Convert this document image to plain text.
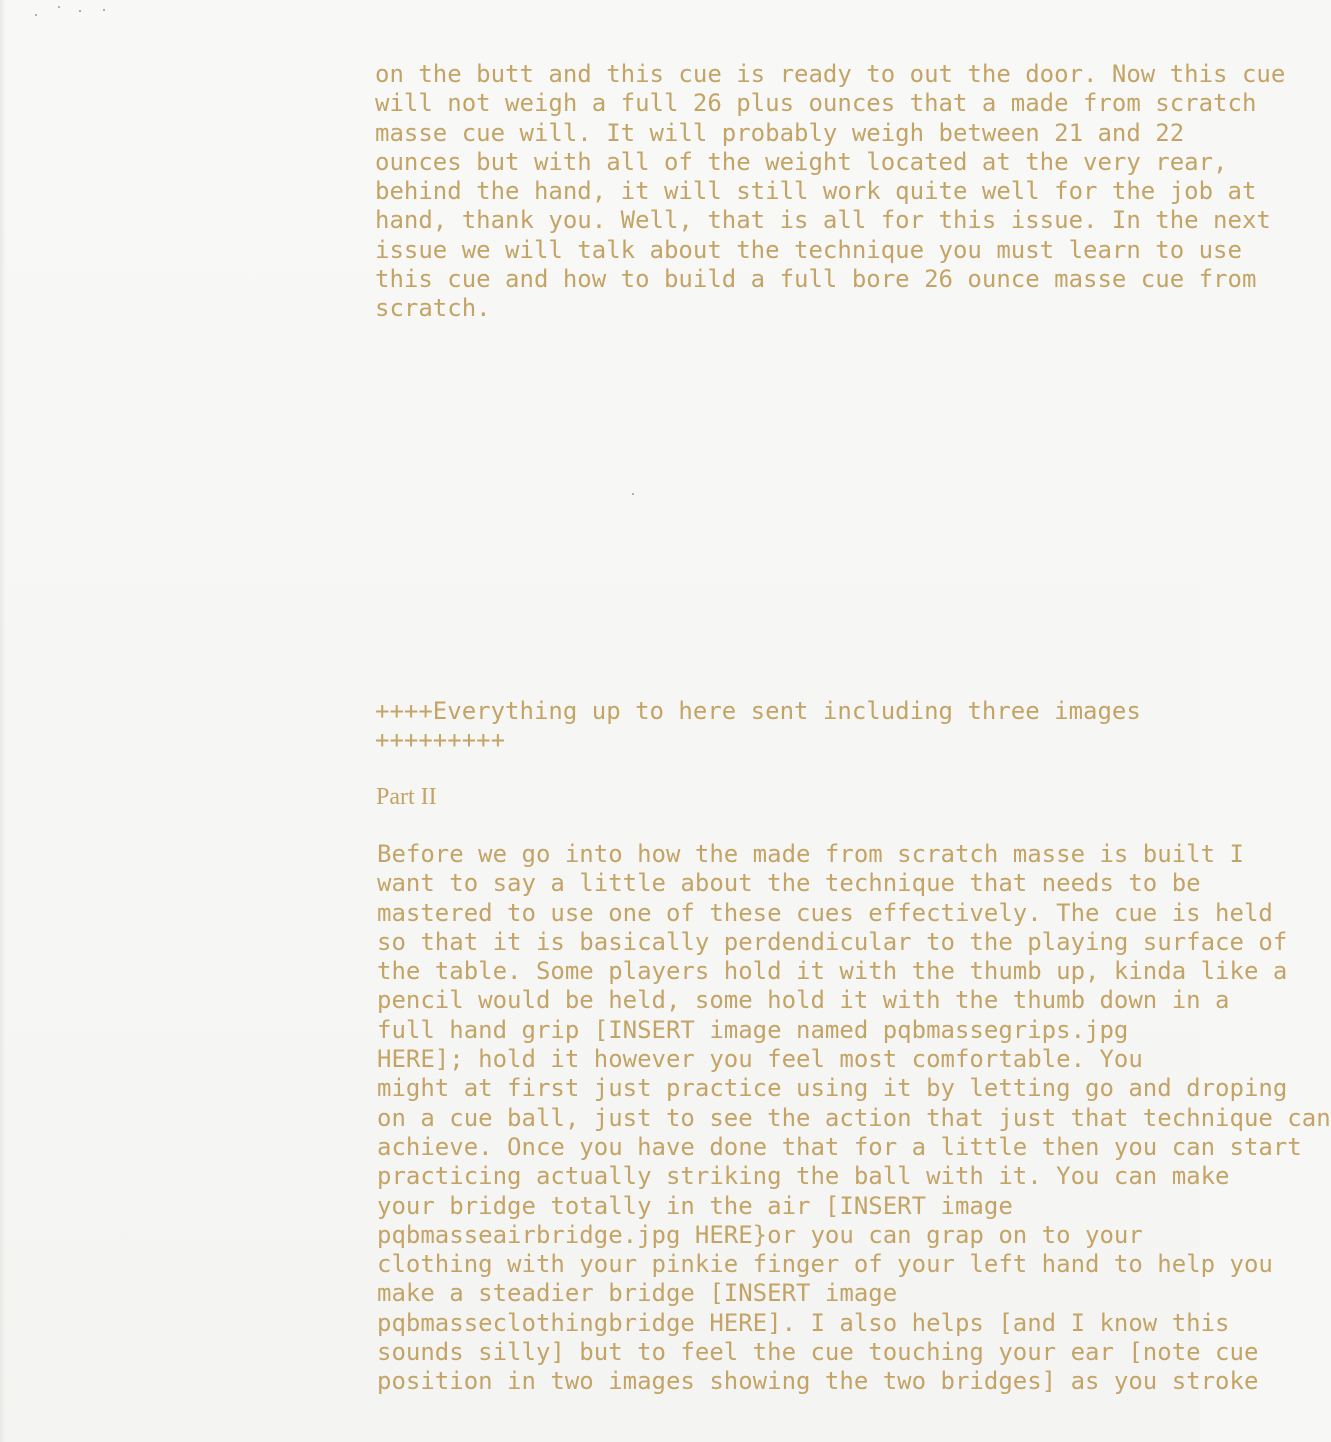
on the butt and this cue is ready to out the door. Now this cue
will not weigh a full 26 plus ounces that a made from scratch
masse cue will. It will probably weigh between 21 and 22
ounces but with all of the weight located at the very rear,
behind the hand, it will still work quite well for the job at
hand, thank you. Well, that is all for this issue. In the next
issue we will talk about the technique you must learn to use
this cue and how to build a full bore 26 ounce masse cue from
scratch.
++++Everything up to here sent including three images
+++++++++
Part II
Before we go into how the made from scratch masse is built I
want to say a little about the technique that needs to be
mastered to use one of these cues effectively. The cue is held
so that it is basically perdendicular to the playing surface of
the table. Some players hold it with the thumb up, kinda like a
pencil would be held, some hold it with the thumb down in a
full hand grip [INSERT image named pqbmassegrips.jpg
HERE]; hold it however you feel most comfortable. You
might at first just practice using it by letting go and droping
on a cue ball, just to see the action that just that technique can
achieve. Once you have done that for a little then you can start
practicing actually striking the ball with it. You can make
your bridge totally in the air [INSERT image
pqbmasseairbridge.jpg HERE}or you can grap on to your
clothing with your pinkie finger of your left hand to help you
make a steadier bridge [INSERT image
pqbmasseclothingbridge HERE]. I also helps [and I know this
sounds silly] but to feel the cue touching your ear [note cue
position in two images showing the two bridges] as you stroke
